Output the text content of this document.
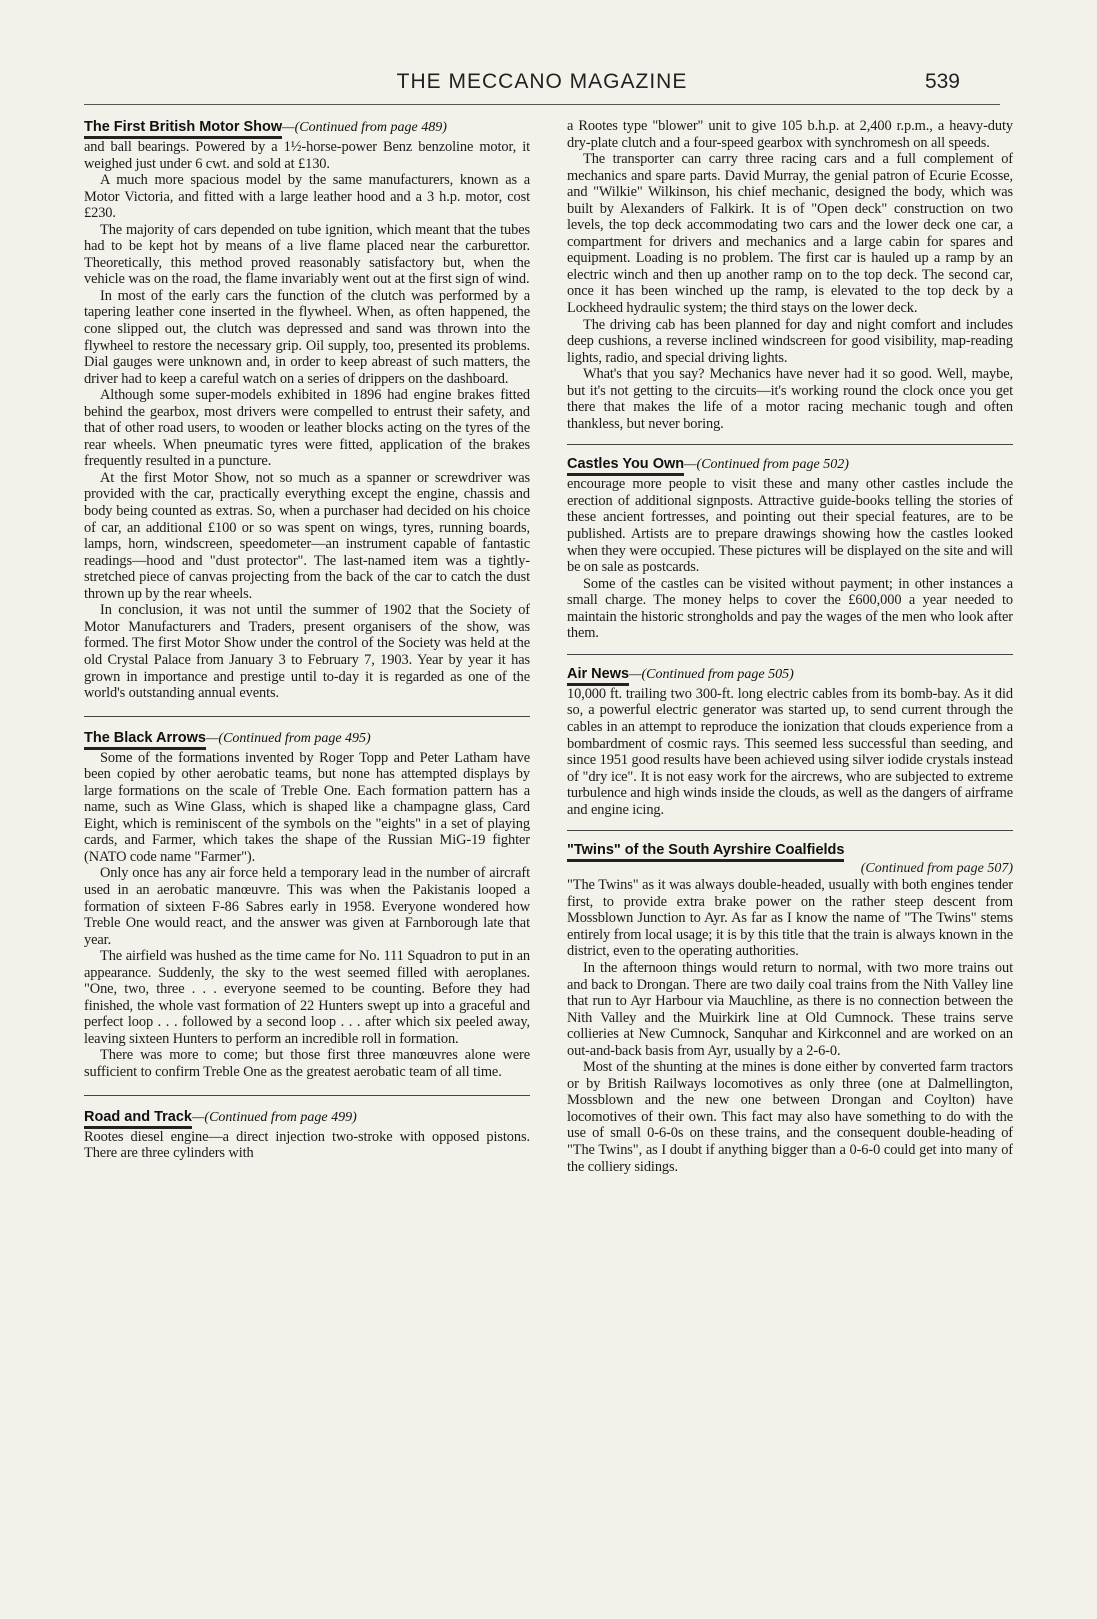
THE MECCANO MAGAZINE	539
The First British Motor Show—(Continued from page 489)

and ball bearings. Powered by a 1½-horse-power Benz benzoline motor, it weighed just under 6 cwt. and sold at £130.

A much more spacious model by the same manufacturers, known as a Motor Victoria, and fitted with a large leather hood and a 3 h.p. motor, cost £230.

The majority of cars depended on tube ignition, which meant that the tubes had to be kept hot by means of a live flame placed near the carburettor. Theoretically, this method proved reasonably satisfactory but, when the vehicle was on the road, the flame invariably went out at the first sign of wind.

In most of the early cars the function of the clutch was performed by a tapering leather cone inserted in the flywheel. When, as often happened, the cone slipped out, the clutch was depressed and sand was thrown into the flywheel to restore the necessary grip. Oil supply, too, presented its problems. Dial gauges were unknown and, in order to keep abreast of such matters, the driver had to keep a careful watch on a series of drippers on the dashboard.

Although some super-models exhibited in 1896 had engine brakes fitted behind the gearbox, most drivers were compelled to entrust their safety, and that of other road users, to wooden or leather blocks acting on the tyres of the rear wheels. When pneumatic tyres were fitted, application of the brakes frequently resulted in a puncture.

At the first Motor Show, not so much as a spanner or screwdriver was provided with the car, practically everything except the engine, chassis and body being counted as extras. So, when a purchaser had decided on his choice of car, an additional £100 or so was spent on wings, tyres, running boards, lamps, horn, windscreen, speedometer—an instrument capable of fantastic readings—hood and "dust protector". The last-named item was a tightly-stretched piece of canvas projecting from the back of the car to catch the dust thrown up by the rear wheels.

In conclusion, it was not until the summer of 1902 that the Society of Motor Manufacturers and Traders, present organisers of the show, was formed. The first Motor Show under the control of the Society was held at the old Crystal Palace from January 3 to February 7, 1903. Year by year it has grown in importance and prestige until to-day it is regarded as one of the world's outstanding annual events.

The Black Arrows—(Continued from page 495)

Some of the formations invented by Roger Topp and Peter Latham have been copied by other aerobatic teams, but none has attempted displays by large formations on the scale of Treble One. Each formation pattern has a name, such as Wine Glass, which is shaped like a champagne glass, Card Eight, which is reminiscent of the symbols on the "eights" in a set of playing cards, and Farmer, which takes the shape of the Russian MiG-19 fighter (NATO code name "Farmer").

Only once has any air force held a temporary lead in the number of aircraft used in an aerobatic manœuvre. This was when the Pakistanis looped a formation of sixteen F-86 Sabres early in 1958. Everyone wondered how Treble One would react, and the answer was given at Farnborough late that year.

The airfield was hushed as the time came for No. 111 Squadron to put in an appearance. Suddenly, the sky to the west seemed filled with aeroplanes. "One, two, three . . . everyone seemed to be counting. Before they had finished, the whole vast formation of 22 Hunters swept up into a graceful and perfect loop . . . followed by a second loop . . . after which six peeled away, leaving sixteen Hunters to perform an incredible roll in formation.

There was more to come; but those first three manœuvres alone were sufficient to confirm Treble One as the greatest aerobatic team of all time.

Road and Track—(Continued from page 499)

Rootes diesel engine—a direct injection two-stroke with opposed pistons. There are three cylinders with

a Rootes type "blower" unit to give 105 b.h.p. at 2,400 r.p.m., a heavy-duty dry-plate clutch and a four-speed gearbox with synchromesh on all speeds.

The transporter can carry three racing cars and a full complement of mechanics and spare parts. David Murray, the genial patron of Ecurie Ecosse, and "Wilkie" Wilkinson, his chief mechanic, designed the body, which was built by Alexanders of Falkirk. It is of "Open deck" construction on two levels, the top deck accommodating two cars and the lower deck one car, a compartment for drivers and mechanics and a large cabin for spares and equipment. Loading is no problem. The first car is hauled up a ramp by an electric winch and then up another ramp on to the top deck. The second car, once it has been winched up the ramp, is elevated to the top deck by a Lockheed hydraulic system; the third stays on the lower deck.

The driving cab has been planned for day and night comfort and includes deep cushions, a reverse inclined windscreen for good visibility, map-reading lights, radio, and special driving lights.

What's that you say? Mechanics have never had it so good. Well, maybe, but it's not getting to the circuits—it's working round the clock once you get there that makes the life of a motor racing mechanic tough and often thankless, but never boring.

Castles You Own—(Continued from page 502)

encourage more people to visit these and many other castles include the erection of additional signposts. Attractive guide-books telling the stories of these ancient fortresses, and pointing out their special features, are to be published. Artists are to prepare drawings showing how the castles looked when they were occupied. These pictures will be displayed on the site and will be on sale as postcards.

Some of the castles can be visited without payment; in other instances a small charge. The money helps to cover the £600,000 a year needed to maintain the historic strongholds and pay the wages of the men who look after them.

Air News—(Continued from page 505)

10,000 ft. trailing two 300-ft. long electric cables from its bomb-bay. As it did so, a powerful electric generator was started up, to send current through the cables in an attempt to reproduce the ionization that clouds experience from a bombardment of cosmic rays. This seemed less successful than seeding, and since 1951 good results have been achieved using silver iodide crystals instead of "dry ice". It is not easy work for the aircrews, who are subjected to extreme turbulence and high winds inside the clouds, as well as the dangers of airframe and engine icing.

"Twins" of the South Ayrshire Coalfields

(Continued from page 507)

"The Twins" as it was always double-headed, usually with both engines tender first, to provide extra brake power on the rather steep descent from Mossblown Junction to Ayr. As far as I know the name of "The Twins" stems entirely from local usage; it is by this title that the train is always known in the district, even to the operating authorities.

In the afternoon things would return to normal, with two more trains out and back to Drongan. There are two daily coal trains from the Nith Valley line that run to Ayr Harbour via Mauchline, as there is no connection between the Nith Valley and the Muirkirk line at Old Cumnock. These trains serve collieries at New Cumnock, Sanquhar and Kirkconnel and are worked on an out-and-back basis from Ayr, usually by a 2-6-0.

Most of the shunting at the mines is done either by converted farm tractors or by British Railways locomotives as only three (one at Dalmellington, Mossblown and the new one between Drongan and Coylton) have locomotives of their own. This fact may also have something to do with the use of small 0-6-0s on these trains, and the consequent double-heading of "The Twins", as I doubt if anything bigger than a 0-6-0 could get into many of the colliery sidings.
